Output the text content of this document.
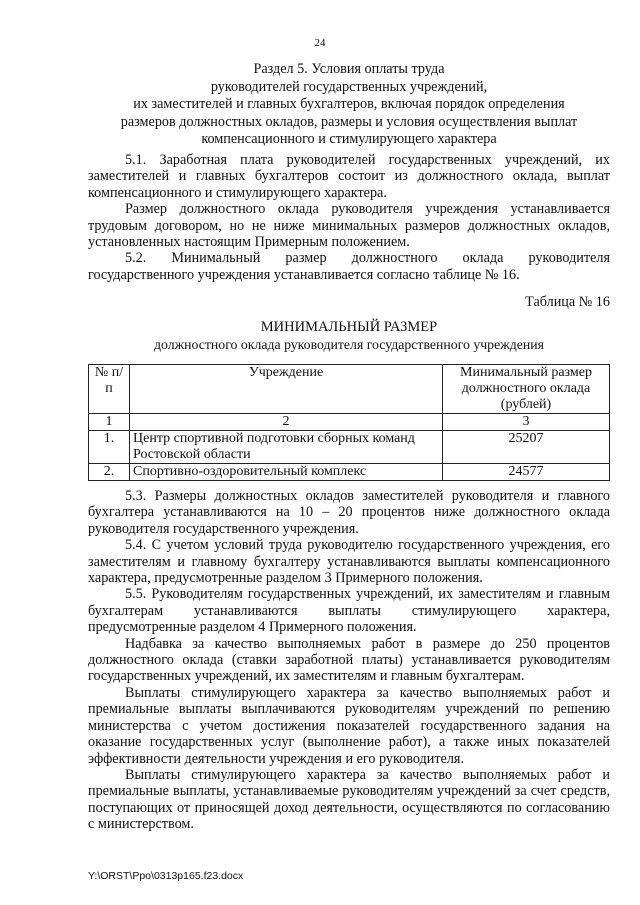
24
Раздел 5. Условия оплаты труда
руководителей государственных учреждений,
их заместителей и главных бухгалтеров, включая порядок определения
размеров должностных окладов, размеры и условия осуществления выплат
компенсационного и стимулирующего характера
5.1. Заработная плата руководителей государственных учреждений, их заместителей и главных бухгалтеров состоит из должностного оклада, выплат компенсационного и стимулирующего характера.
Размер должностного оклада руководителя учреждения устанавливается трудовым договором, но не ниже минимальных размеров должностных окладов, установленных настоящим Примерным положением.
5.2. Минимальный размер должностного оклада руководителя государственного учреждения устанавливается согласно таблице № 16.
Таблица № 16
МИНИМАЛЬНЫЙ РАЗМЕР
должностного оклада руководителя государственного учреждения
№ п/п	Учреждение	Минимальный размер должностного оклада (рублей)
1	2	3
1.	Центр спортивной подготовки сборных команд Ростовской области	25207
2.	Спортивно-оздоровительный комплекс	24577
5.3. Размеры должностных окладов заместителей руководителя и главного бухгалтера устанавливаются на 10 – 20 процентов ниже должностного оклада руководителя государственного учреждения.
5.4. С учетом условий труда руководителю государственного учреждения, его заместителям и главному бухгалтеру устанавливаются выплаты компенсационного характера, предусмотренные разделом 3 Примерного положения.
5.5. Руководителям государственных учреждений, их заместителям и главным бухгалтерам устанавливаются выплаты стимулирующего характера, предусмотренные разделом 4 Примерного положения.
Надбавка за качество выполняемых работ в размере до 250 процентов должностного оклада (ставки заработной платы) устанавливается руководителям государственных учреждений, их заместителям и главным бухгалтерам.
Выплаты стимулирующего характера за качество выполняемых работ и премиальные выплаты выплачиваются руководителям учреждений по решению министерства с учетом достижения показателей государственного задания на оказание государственных услуг (выполнение работ), а также иных показателей эффективности деятельности учреждения и его руководителя.
Выплаты стимулирующего характера за качество выполняемых работ и премиальные выплаты, устанавливаемые руководителям учреждений за счет средств, поступающих от приносящей доход деятельности, осуществляются по согласованию с министерством.
Y:\ORST\Ppo\0313p165.f23.docx
